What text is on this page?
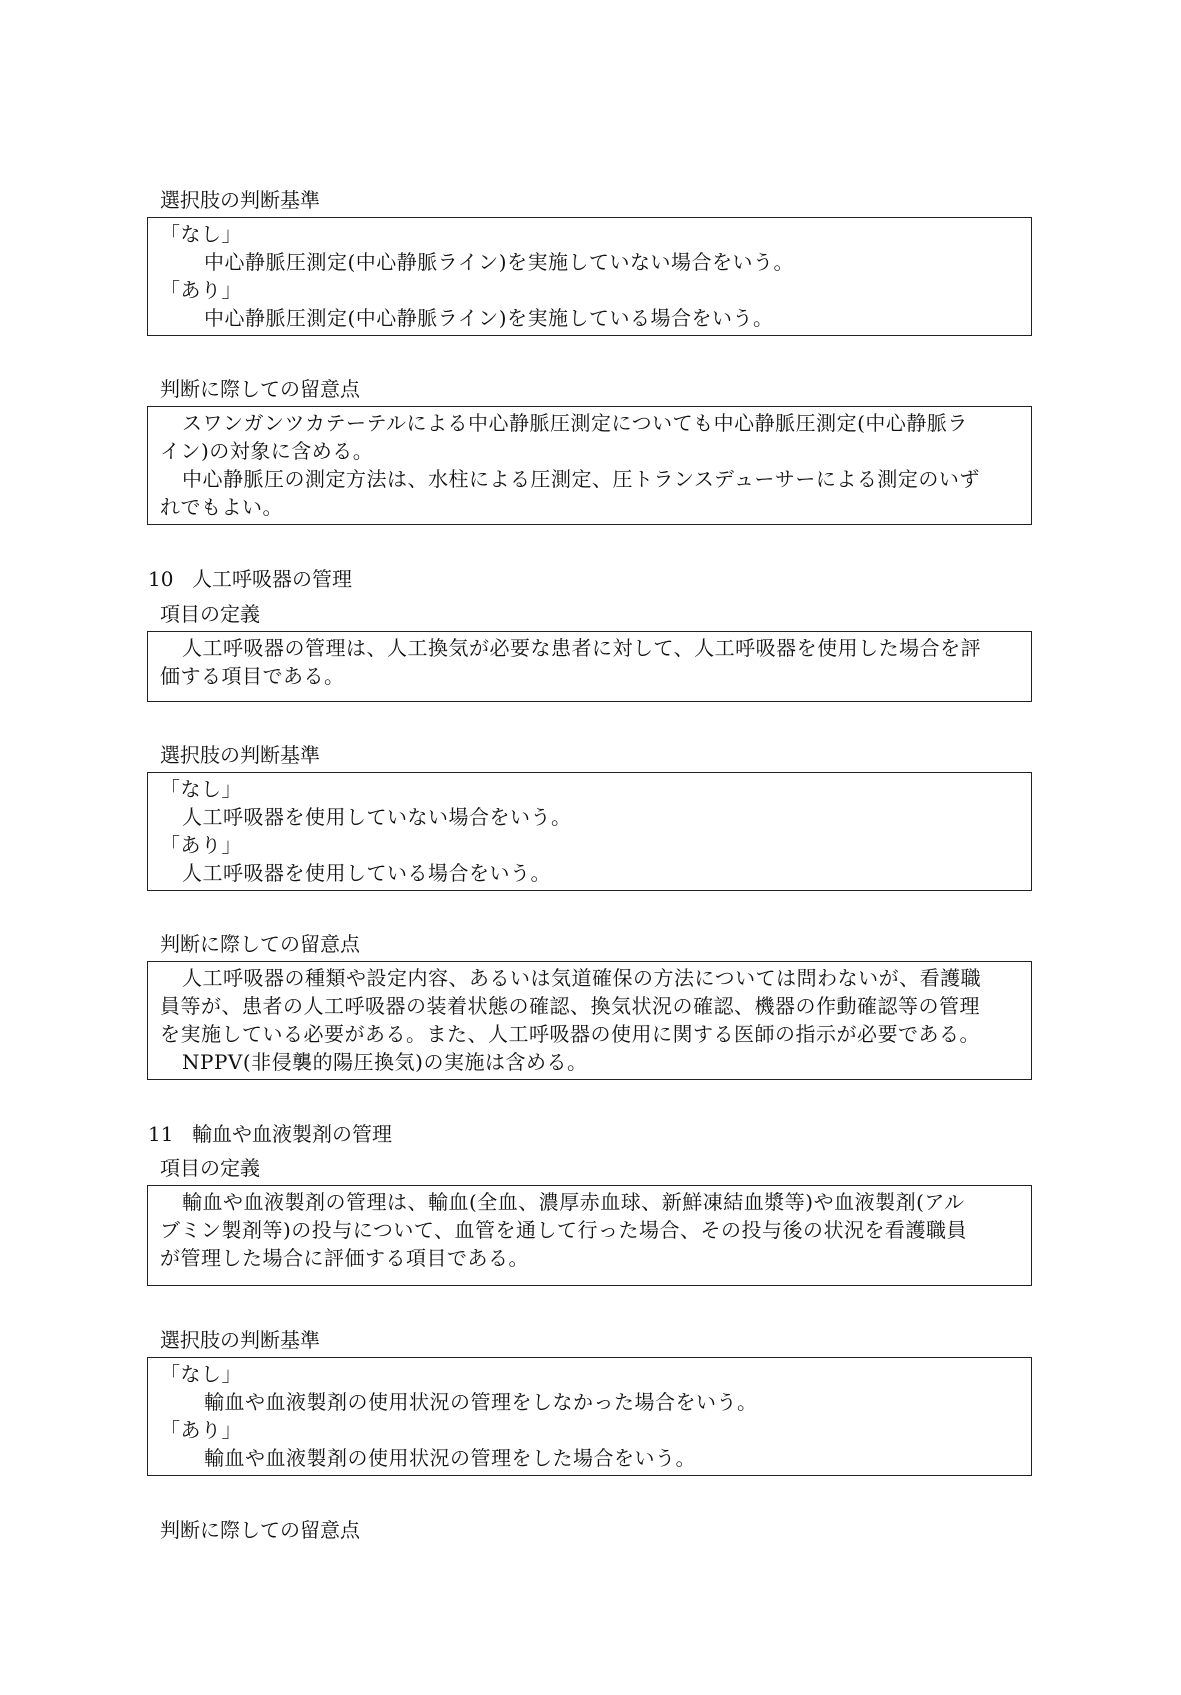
選択肢の判断基準
「なし」
中心静脈圧測定(中心静脈ライン)を実施していない場合をいう。
「あり」
中心静脈圧測定(中心静脈ライン)を実施している場合をいう。
判断に際しての留意点
スワンガンツカテーテルによる中心静脈圧測定についても中心静脈圧測定(中心静脈ラ
イン)の対象に含める。
中心静脈圧の測定方法は、水柱による圧測定、圧トランスデューサーによる測定のいず
れでもよい。
10 人工呼吸器の管理
項目の定義
人工呼吸器の管理は、人工換気が必要な患者に対して、人工呼吸器を使用した場合を評
価する項目である。
選択肢の判断基準
「なし」
人工呼吸器を使用していない場合をいう。
「あり」
人工呼吸器を使用している場合をいう。
判断に際しての留意点
人工呼吸器の種類や設定内容、あるいは気道確保の方法については問わないが、看護職
員等が、患者の人工呼吸器の装着状態の確認、換気状況の確認、機器の作動確認等の管理
を実施している必要がある。また、人工呼吸器の使用に関する医師の指示が必要である。
NPPV(非侵襲的陽圧換気)の実施は含める。
11 輸血や血液製剤の管理
項目の定義
輸血や血液製剤の管理は、輸血(全血、濃厚赤血球、新鮮凍結血漿等)や血液製剤(アル
ブミン製剤等)の投与について、血管を通して行った場合、その投与後の状況を看護職員
が管理した場合に評価する項目である。
選択肢の判断基準
「なし」
輸血や血液製剤の使用状況の管理をしなかった場合をいう。
「あり」
輸血や血液製剤の使用状況の管理をした場合をいう。
判断に際しての留意点
